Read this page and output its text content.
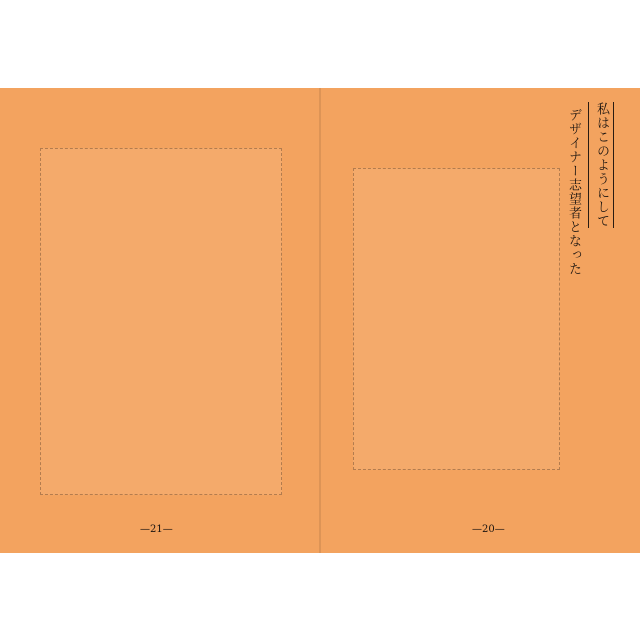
—21—
私はこのようにして
デザイナー志望者となった
—20—
